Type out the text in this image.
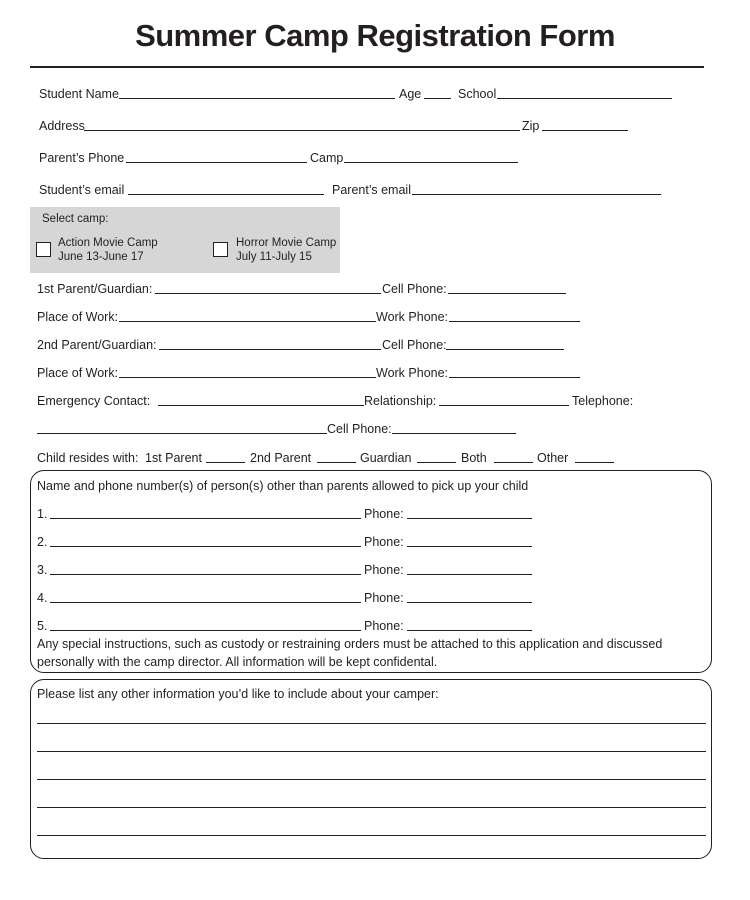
Summer Camp Registration Form
Student Name	Age	School
Address	Zip
Parent’s Phone	Camp
Student’s email	Parent’s email
Select camp:
Action Movie Camp
June 13-June 17
Horror Movie Camp
July 11-July 15
1st Parent/Guardian:	Cell Phone:
Place of Work:	Work Phone:
2nd Parent/Guardian:	Cell Phone:
Place of Work:	Work Phone:
Emergency Contact:	Relationship:	Telephone:
Cell Phone:
Child resides with: 1st Parent	2nd Parent	Guardian	Both	Other
Name and phone number(s) of person(s) other than parents allowed to pick up your child
1.	Phone:
2.	Phone:
3.	Phone:
4.	Phone:
5.	Phone:
Any special instructions, such as custody or restraining orders must be attached to this application and discussed
personally with the camp director. All information will be kept confidental.
Please list any other information you’d like to include about your camper:
